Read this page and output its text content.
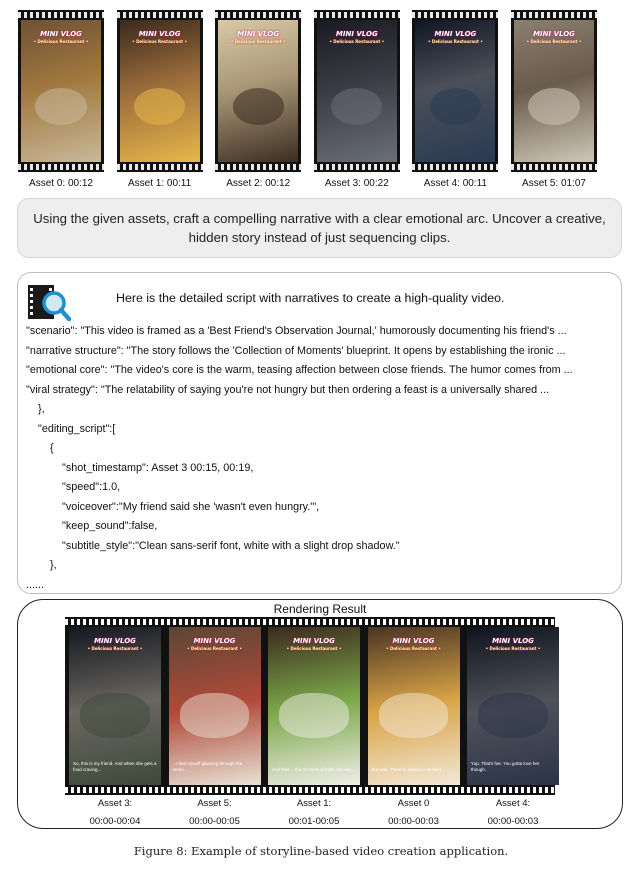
MINI VLOG
• Delicious Restaurant •
Asset 0: 00:12
MINI VLOG
• Delicious Restaurant •
Asset 1: 00:11
MINI VLOG
• Delicious Restaurant •
Asset 2: 00:12
MINI VLOG
• Delicious Restaurant •
Asset 3: 00:22
MINI VLOG
• Delicious Restaurant •
Asset 4: 00:11
MINI VLOG
• Delicious Restaurant •
Asset 5: 01:07
Using the given assets, craft a compelling narrative with a clear emotional arc. Uncover a creative, hidden story instead of just sequencing clips.
Here is the detailed script with narratives to create a high-quality video.
"scenario": "This video is framed as a 'Best Friend's Observation Journal,' humorously documenting his friend's ...
"narrative structure": "The story follows the 'Collection of Moments' blueprint. It opens by establishing the ironic ...
"emotional core": "The video's core is the warm, teasing affection between close friends. The humor comes from ...
"viral strategy": "The relatability of saying you're not hungry but then ordering a feast is a universally shared ...
},
"editing_script":[
{
"shot_timestamp": Asset 3 00:15, 00:19,
"speed":1.0,
"voiceover":"My friend said she 'wasn't even hungry.'",
"keep_sound":false,
"subtitle_style":"Clean sans-serif font, white with a slight drop shadow."
},
......
Rendering Result
MINI VLOG
• Delicious Restaurant •
So, this is my friend. And when she gets a food craving...
MINI VLOG
• Delicious Restaurant •
...I find myself glancing through the menu...
MINI VLOG
• Delicious Restaurant •
And then... the moment of truth. No way...
MINI VLOG
• Delicious Restaurant •
But wait. There is always a dessert.
MINI VLOG
• Delicious Restaurant •
Yup. That's her. You gotta love her though.
Asset 3:
00:00-00:04
Asset 5:
00:00-00:05
Asset 1:
00:01-00:05
Asset 0
00:00-00:03
Asset 4:
00:00-00:03
Figure 8: Example of storyline-based video creation application.
